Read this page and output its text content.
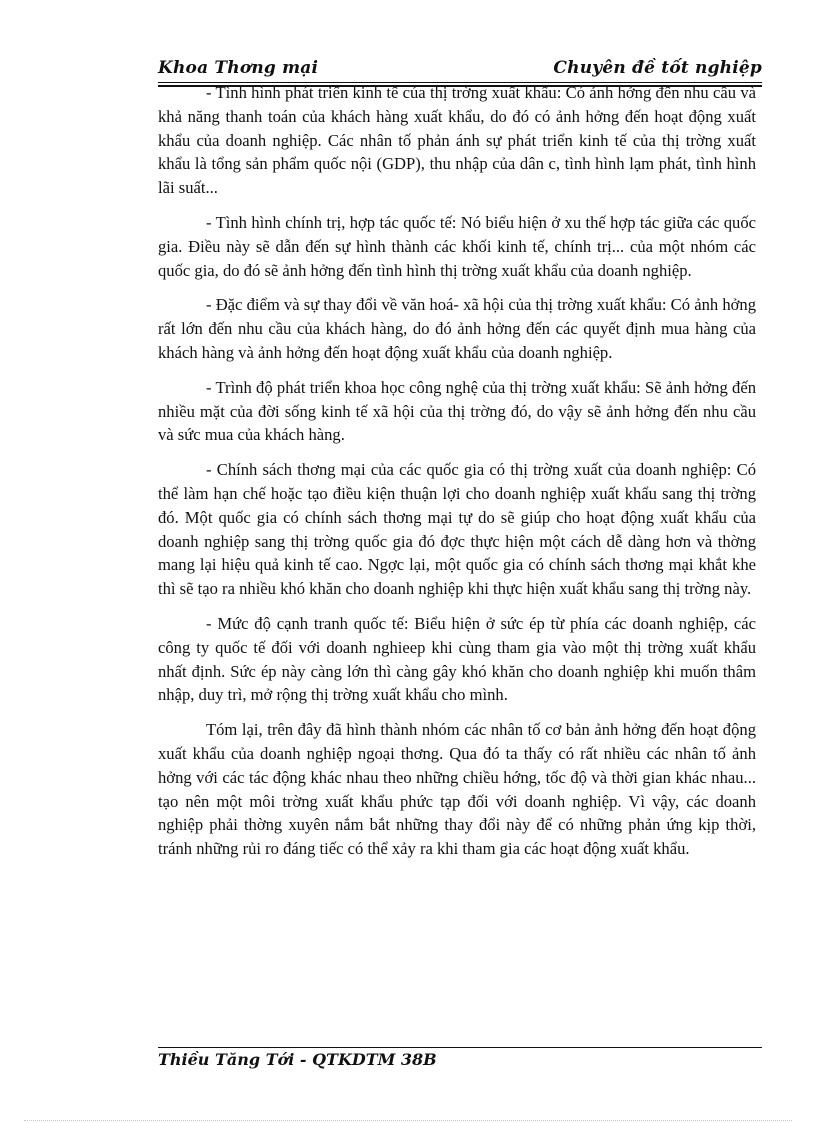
Khoa Thơng mại	Chuyên đề tốt nghiệp

- Tình hình phát triển kinh tế của thị trờng xuất khẩu: Có ảnh hởng đến nhu cầu và khả năng thanh toán của khách hàng xuất khẩu, do đó có ảnh hởng đến hoạt động xuất khẩu của doanh nghiệp. Các nhân tố phản ánh sự phát triển kinh tế của thị trờng xuất khẩu là tổng sản phẩm quốc nội (GDP), thu nhập của dân c, tình hình lạm phát, tình hình lãi suất...

- Tình hình chính trị, hợp tác quốc tế: Nó biểu hiện ở xu thế hợp tác giữa các quốc gia. Điều này sẽ dẫn đến sự hình thành các khối kinh tế, chính trị... của một nhóm các quốc gia, do đó sẽ ảnh hởng đến tình hình thị trờng xuất khẩu của doanh nghiệp.

- Đặc điểm và sự thay đổi về văn hoá- xã hội của thị trờng xuất khẩu: Có ảnh hởng rất lớn đến nhu cầu của khách hàng, do đó ảnh hởng đến các quyết định mua hàng của khách hàng và ảnh hởng đến hoạt động xuất khẩu của doanh nghiệp.

- Trình độ phát triển khoa học công nghệ của thị trờng xuất khẩu: Sẽ ảnh hởng đến nhiều mặt của đời sống kinh tế xã hội của thị trờng đó, do vậy sẽ ảnh hởng đến nhu cầu và sức mua của khách hàng.

- Chính sách thơng mại của các quốc gia có thị trờng xuất của doanh nghiệp: Có thể làm hạn chế hoặc tạo điều kiện thuận lợi cho doanh nghiệp xuất khẩu sang thị trờng đó. Một quốc gia có chính sách thơng mại tự do sẽ giúp cho hoạt động xuất khẩu của doanh nghiệp sang thị trờng quốc gia đó đợc thực hiện một cách dễ dàng hơn và thờng mang lại hiệu quả kinh tế cao. Ngợc lại, một quốc gia có chính sách thơng mại khắt khe thì sẽ tạo ra nhiều khó khăn cho doanh nghiệp khi thực hiện xuất khẩu sang thị trờng này.

- Mức độ cạnh tranh quốc tế: Biểu hiện ở sức ép từ phía các doanh nghiệp, các công ty quốc tế đối với doanh nghieep khi cùng tham gia vào một thị trờng xuất khẩu nhất định. Sức ép này càng lớn thì càng gây khó khăn cho doanh nghiệp khi muốn thâm nhập, duy trì, mở rộng thị trờng xuất khẩu cho mình.

Tóm lại, trên đây đã hình thành nhóm các nhân tố cơ bản ảnh hởng đến hoạt động xuất khẩu của doanh nghiệp ngoại thơng. Qua đó ta thấy có rất nhiều các nhân tố ảnh hởng với các tác động khác nhau theo những chiều hớng, tốc độ và thời gian khác nhau... tạo nên một môi trờng xuất khẩu phức tạp đối với doanh nghiệp. Vì vậy, các doanh nghiệp phải thờng xuyên nắm bắt những thay đổi này để có những phản ứng kịp thời, tránh những rủi ro đáng tiếc có thể xảy ra khi tham gia các hoạt động xuất khẩu.

Thiều Tăng Tới - QTKDTM 38B
